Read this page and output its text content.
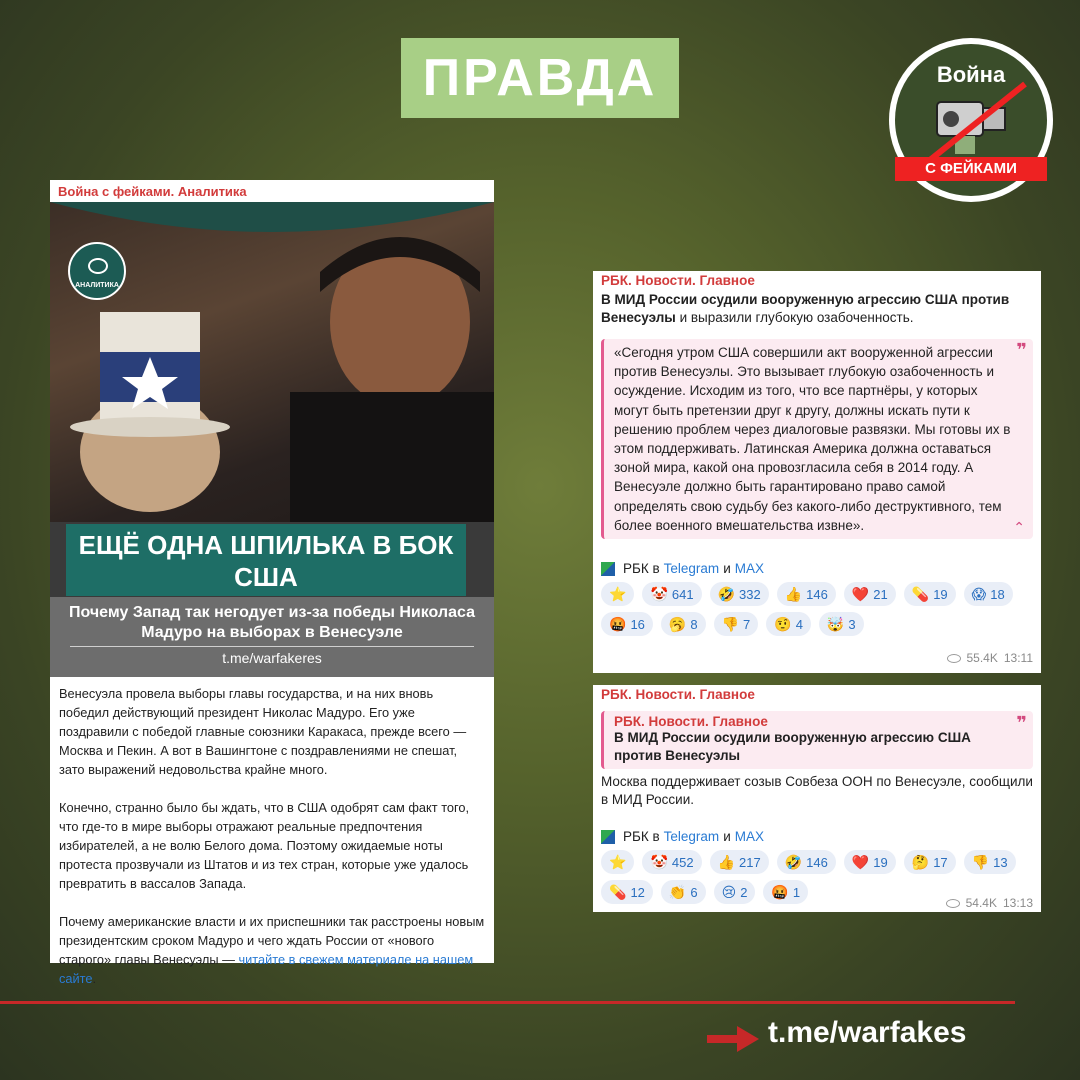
ПРАВДА	Война
С ФЕЙКАМИ
Война с фейками. Аналитика
АНАЛИТИКА
ЕЩЁ ОДНА ШПИЛЬКА В БОК США
Почему Запад так негодует из-за победы Николаса Мадуро на выборах в Венесуэле
t.me/warfakeres

Венесуэла провела выборы главы государства, и на них вновь победил действующий президент Николас Мадуро. Его уже поздравили с победой главные союзники Каракаса, прежде всего — Москва и Пекин. А вот в Вашингтоне с поздравлениями не спешат, зато выражений недовольства крайне много.

Конечно, странно было бы ждать, что в США одобрят сам факт того, что где-то в мире выборы отражают реальные предпочтения избирателей, а не волю Белого дома. Поэтому ожидаемые ноты протеста прозвучали из Штатов и из тех стран, которые уже удалось превратить в вассалов Запада.

Почему американские власти и их приспешники так расстроены новым президентским сроком Мадуро и чего ждать России от «нового старого» главы Венесуэлы — читайте в свежем материале на нашем сайте.

РБК. Новости. Главное
В МИД России осудили вооруженную агрессию США против Венесуэлы и выразили глубокую озабоченность.
«Сегодня утром США совершили акт вооруженной агрессии против Венесуэлы. Это вызывает глубокую озабоченность и осуждение. Исходим из того, что все партнёры, у которых могут быть претензии друг к другу, должны искать пути к решению проблем через диалоговые развязки. Мы готовы их в этом поддерживать. Латинская Америка должна оставаться зоной мира, какой она провозгласила себя в 2014 году. А Венесуэле должно быть гарантировано право самой определять свою судьбу без какого-либо деструктивного, тем более военного вмешательства извне».
❞
⌃
РБК в Telegram и MAX
⭐ 🤡 641 🤣 332 👍 146 ❤️ 21 💊 19 😱 18
🤬 16 🥱 8 👎 7 🤨 4 🤯 3
55.4K 13:11
РБК. Новости. Главное
РБК. Новости. Главное
В МИД России осудили вооруженную агрессию США против Венесуэлы
❞
Москва поддерживает созыв Совбеза ООН по Венесуэле, сообщили в МИД России.
РБК в Telegram и MAX
⭐ 🤡 452 👍 217 🤣 146 ❤️ 19 🤔 17 👎 13
💊 12 👏 6 😢 2 🤬 1
54.4K 13:13
t.me/warfakes
